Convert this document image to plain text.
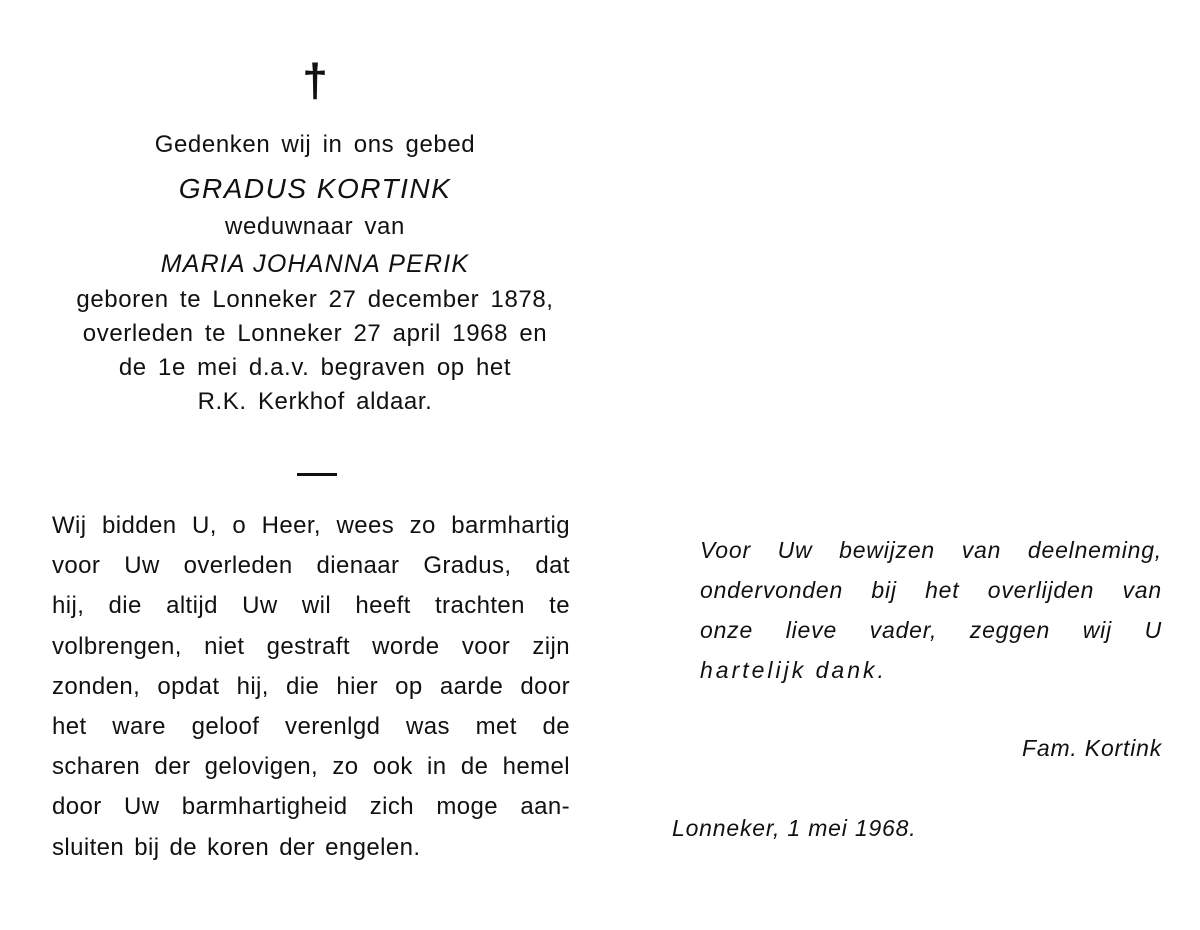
†
Gedenken wij in ons gebed
GRADUS KORTINK
weduwnaar van
MARIA JOHANNA PERIK
geboren te Lonneker 27 december 1878,
overleden te Lonneker 27 april 1968 en
de 1e mei d.a.v. begraven op het
R.K. Kerkhof aldaar.
Wij bidden U, o Heer, wees zo barmhartig
voor Uw overleden dienaar Gradus, dat
hij, die altijd Uw wil heeft trachten te
volbrengen, niet gestraft worde voor zijn
zonden, opdat hij, die hier op aarde door
het ware geloof verenlgd was met de
scharen der gelovigen, zo ook in de hemel
door Uw barmhartigheid zich moge aan-
sluiten bij de koren der engelen.
Voor Uw bewijzen van deelneming,
ondervonden bij het overlijden van
onze lieve vader, zeggen wij U
hartelijk dank.
Fam. Kortink
Lonneker, 1 mei 1968.
